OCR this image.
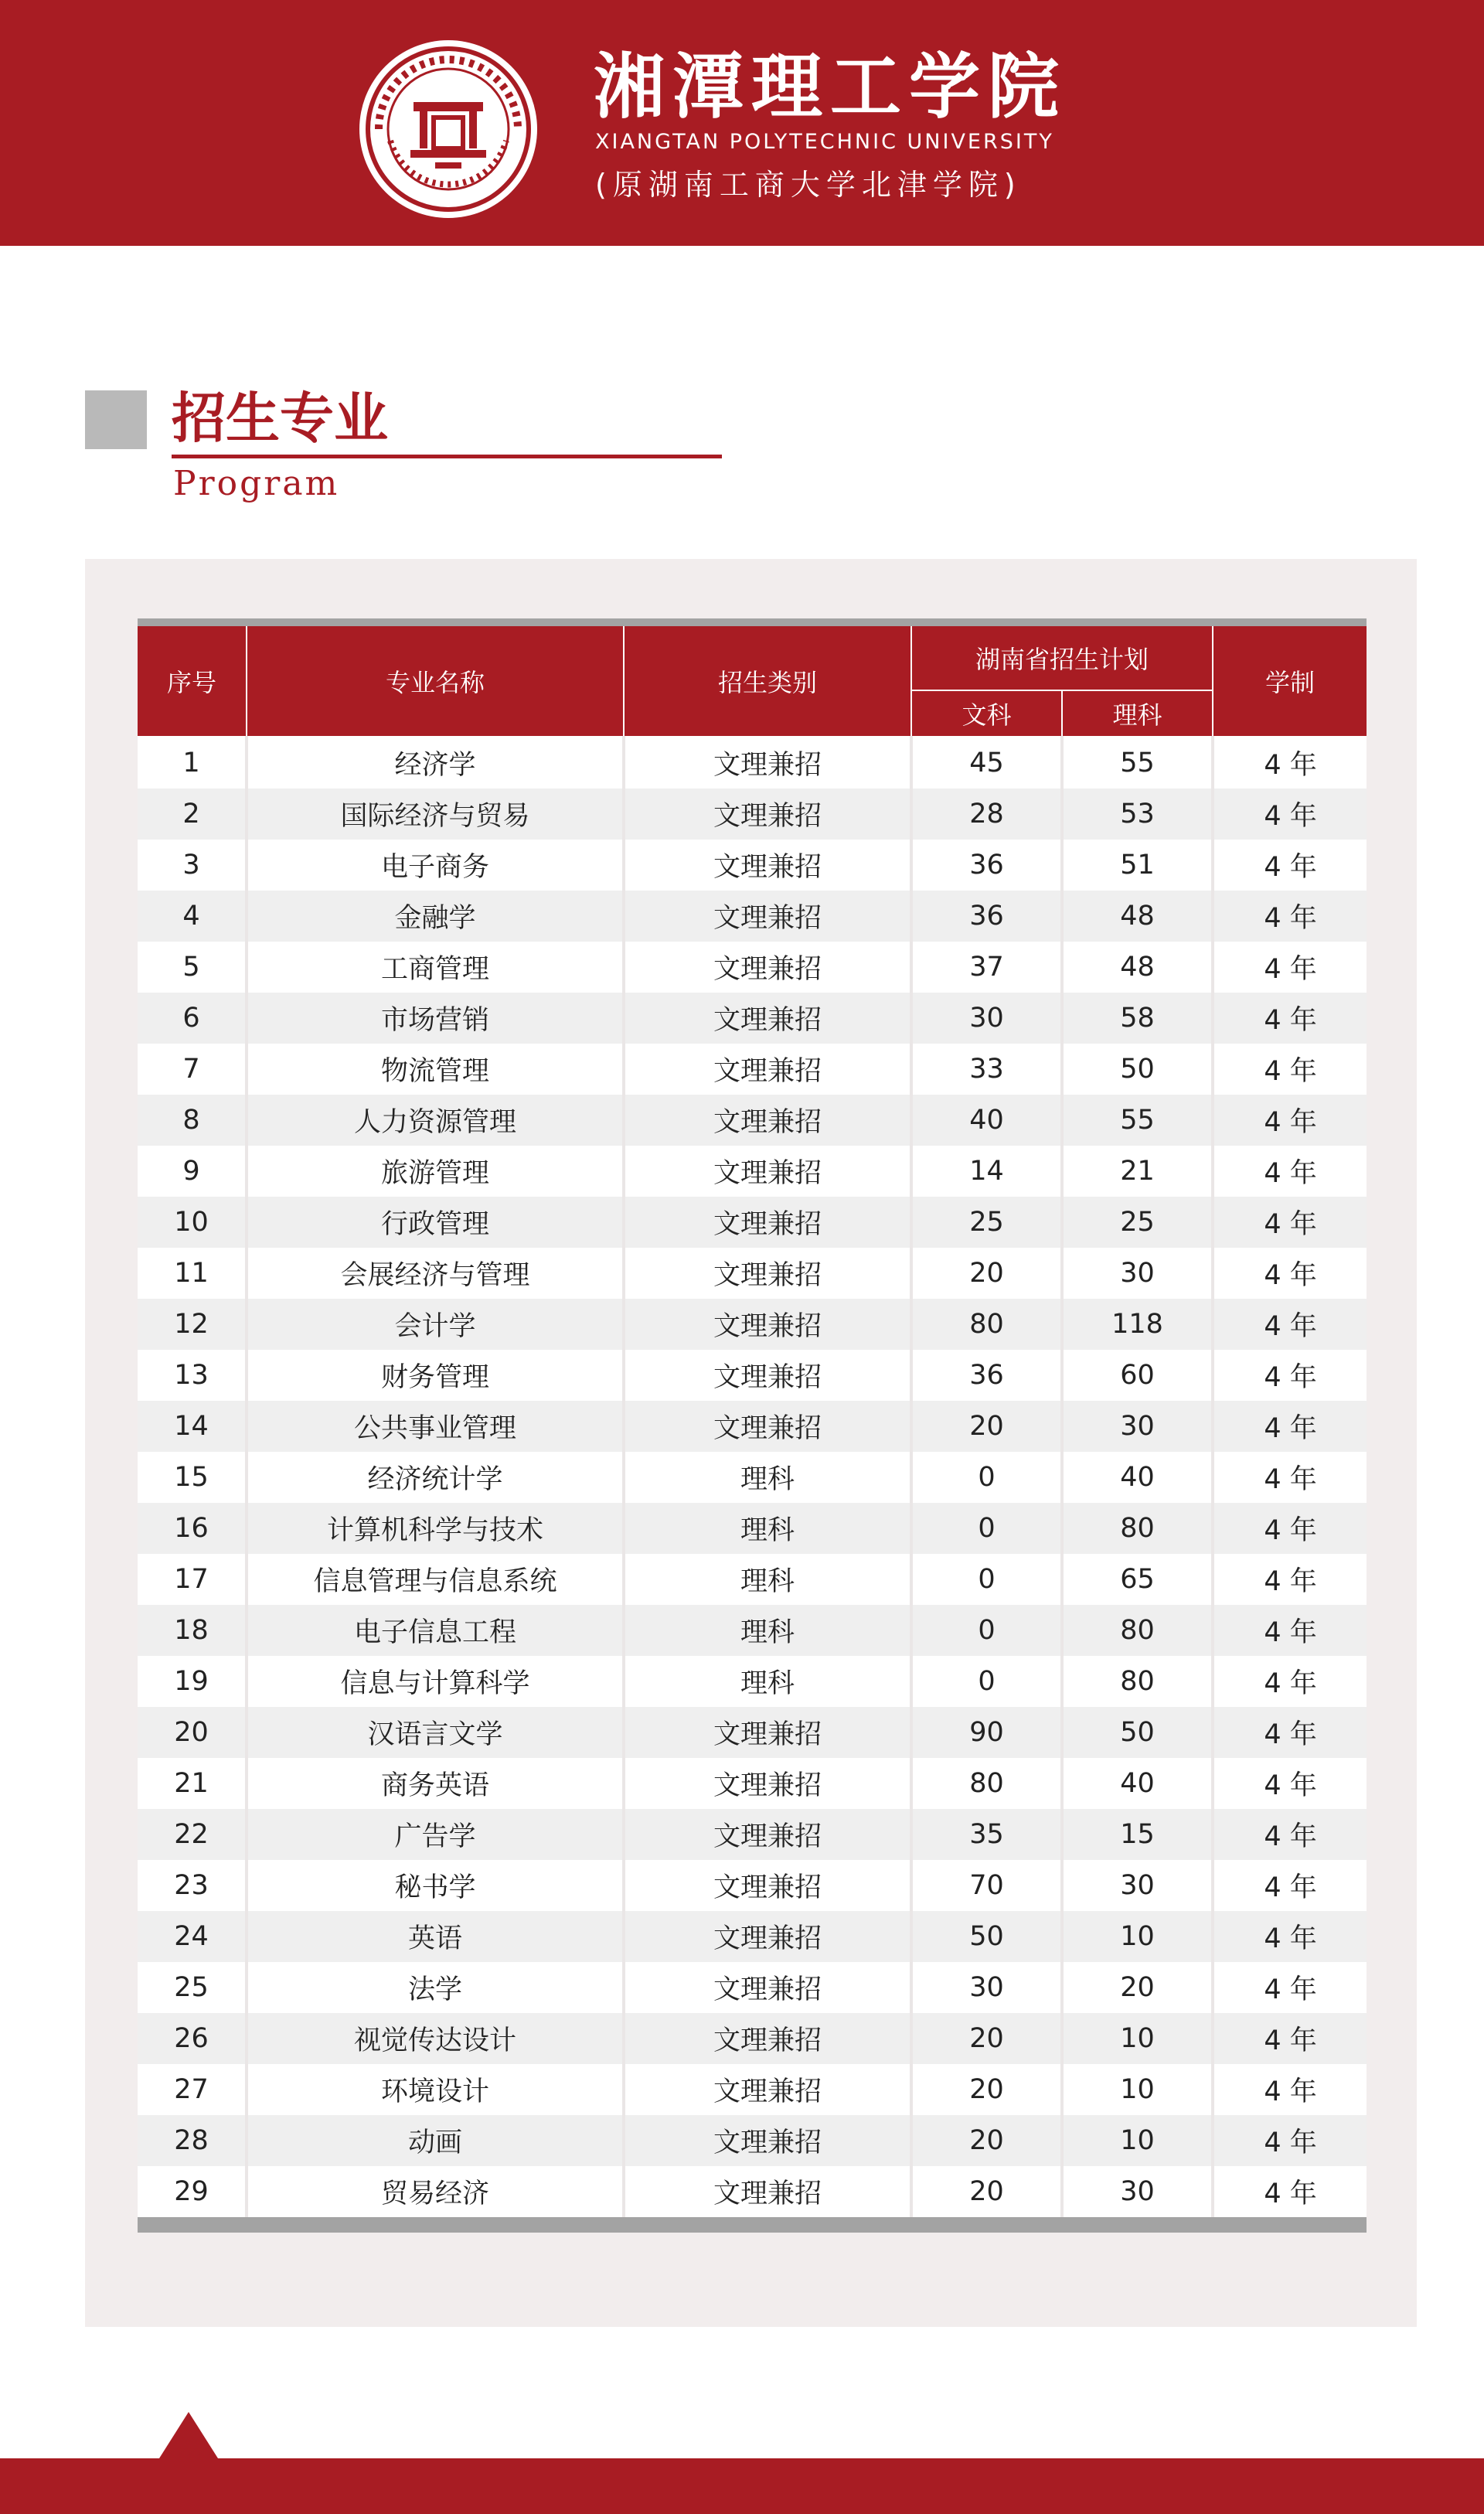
湘潭理工学院
XIANGTAN POLYTECHNIC UNIVERSITY
(原湖南工商大学北津学院)
招生专业
Program
序号	专业名称	招生类别	湖南省招生计划		学制
			文科	理科	
1	经济学	文理兼招	45	55	4 年
2	国际经济与贸易	文理兼招	28	53	4 年
3	电子商务	文理兼招	36	51	4 年
4	金融学	文理兼招	36	48	4 年
5	工商管理	文理兼招	37	48	4 年
6	市场营销	文理兼招	30	58	4 年
7	物流管理	文理兼招	33	50	4 年
8	人力资源管理	文理兼招	40	55	4 年
9	旅游管理	文理兼招	14	21	4 年
10	行政管理	文理兼招	25	25	4 年
11	会展经济与管理	文理兼招	20	30	4 年
12	会计学	文理兼招	80	118	4 年
13	财务管理	文理兼招	36	60	4 年
14	公共事业管理	文理兼招	20	30	4 年
15	经济统计学	理科	0	40	4 年
16	计算机科学与技术	理科	0	80	4 年
17	信息管理与信息系统	理科	0	65	4 年
18	电子信息工程	理科	0	80	4 年
19	信息与计算科学	理科	0	80	4 年
20	汉语言文学	文理兼招	90	50	4 年
21	商务英语	文理兼招	80	40	4 年
22	广告学	文理兼招	35	15	4 年
23	秘书学	文理兼招	70	30	4 年
24	英语	文理兼招	50	10	4 年
25	法学	文理兼招	30	20	4 年
26	视觉传达设计	文理兼招	20	10	4 年
27	环境设计	文理兼招	20	10	4 年
28	动画	文理兼招	20	10	4 年
29	贸易经济	文理兼招	20	30	4 年
